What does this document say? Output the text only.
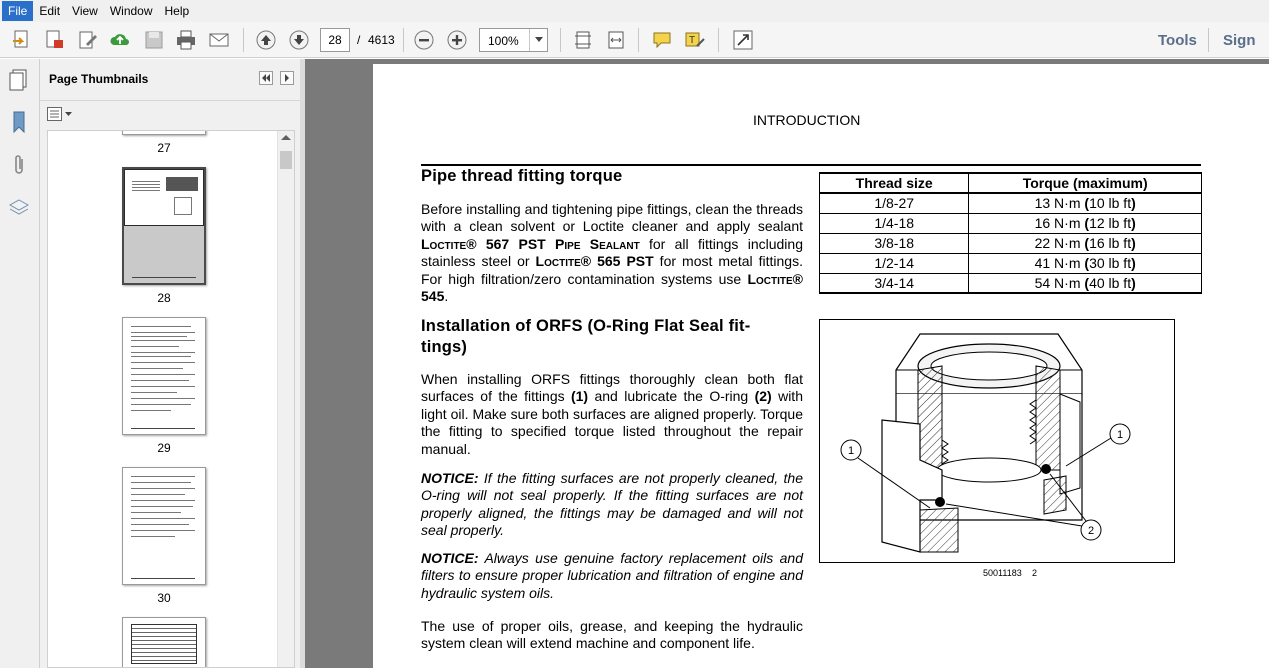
File	Edit	View	Window	Help
28	/ 4613	100%	T	Tools Sign
Page Thumbnails
27
28
29
30
INTRODUCTION
Pipe thread fitting torque
Before installing and tightening pipe fittings, clean the threads with a clean solvent or Loctite cleaner and apply sealant Loctite® 567 PST Pipe Sealant for all fittings including stainless steel or Loctite® 565 PST for most metal fittings. For high filtration/zero contamination systems use Loctite® 545.
Thread size	Torque (maximum)
1/8-27	13 N·m (10 lb ft)
1/4-18	16 N·m (12 lb ft)
3/8-18	22 N·m (16 lb ft)
1/2-14	41 N·m (30 lb ft)
3/4-14	54 N·m (40 lb ft)
Installation of ORFS (O-Ring Flat Seal fit-
tings)
When installing ORFS fittings thoroughly clean both flat surfaces of the fittings (1) and lubricate the O-ring (2) with light oil. Make sure both surfaces are aligned properly. Torque the fitting to specified torque listed throughout the repair manual.
NOTICE: If the fitting surfaces are not properly cleaned, the O-ring will not seal properly. If the fitting surfaces are not properly aligned, the fittings may be damaged and will not seal properly.
NOTICE: Always use genuine factory replacement oils and filters to ensure proper lubrication and filtration of engine and hydraulic system oils.
The use of proper oils, grease, and keeping the hydraulic system clean will extend machine and component life.
1
1
2
50011183 2
